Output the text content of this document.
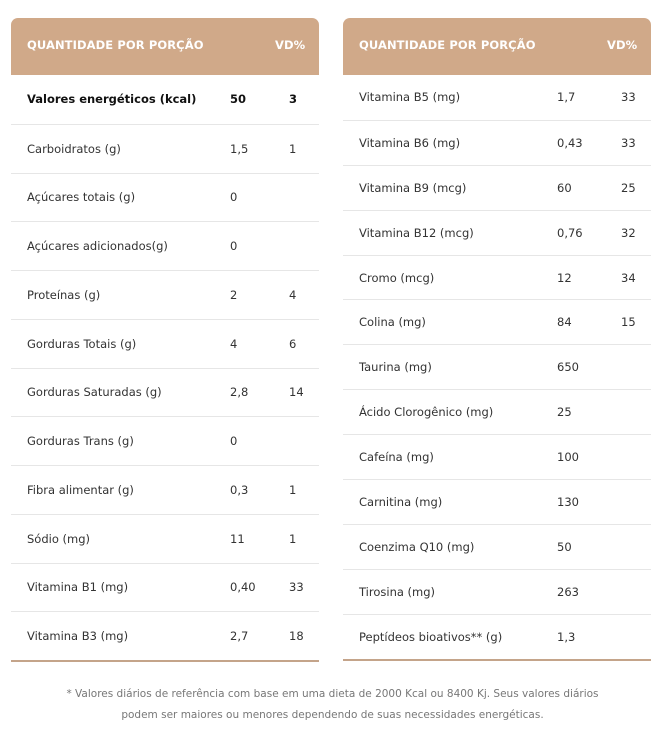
QUANTIDADE POR PORÇÃO	VD%
Valores energéticos (kcal)	50	3
Carboidratos (g)	1,5	1
Açúcares totais (g)	0
Açúcares adicionados(g)	0
Proteínas (g)	2	4
Gorduras Totais (g)	4	6
Gorduras Saturadas (g)	2,8	14
Gorduras Trans (g)	0
Fibra alimentar (g)	0,3	1
Sódio (mg)	11	1
Vitamina B1 (mg)	0,40	33
Vitamina B3 (mg)	2,7	18
QUANTIDADE POR PORÇÃO	VD%
Vitamina B5 (mg)	1,7	33
Vitamina B6 (mg)	0,43	33
Vitamina B9 (mcg)	60	25
Vitamina B12 (mcg)	0,76	32
Cromo (mcg)	12	34
Colina (mg)	84	15
Taurina (mg)	650
Ácido Clorogênico (mg)	25
Cafeína (mg)	100
Carnitina (mg)	130
Coenzima Q10 (mg)	50
Tirosina (mg)	263
Peptídeos bioativos** (g)	1,3
* Valores diários de referência com base em uma dieta de 2000 Kcal ou 8400 Kj. Seus valores diários
podem ser maiores ou menores dependendo de suas necessidades energéticas.
